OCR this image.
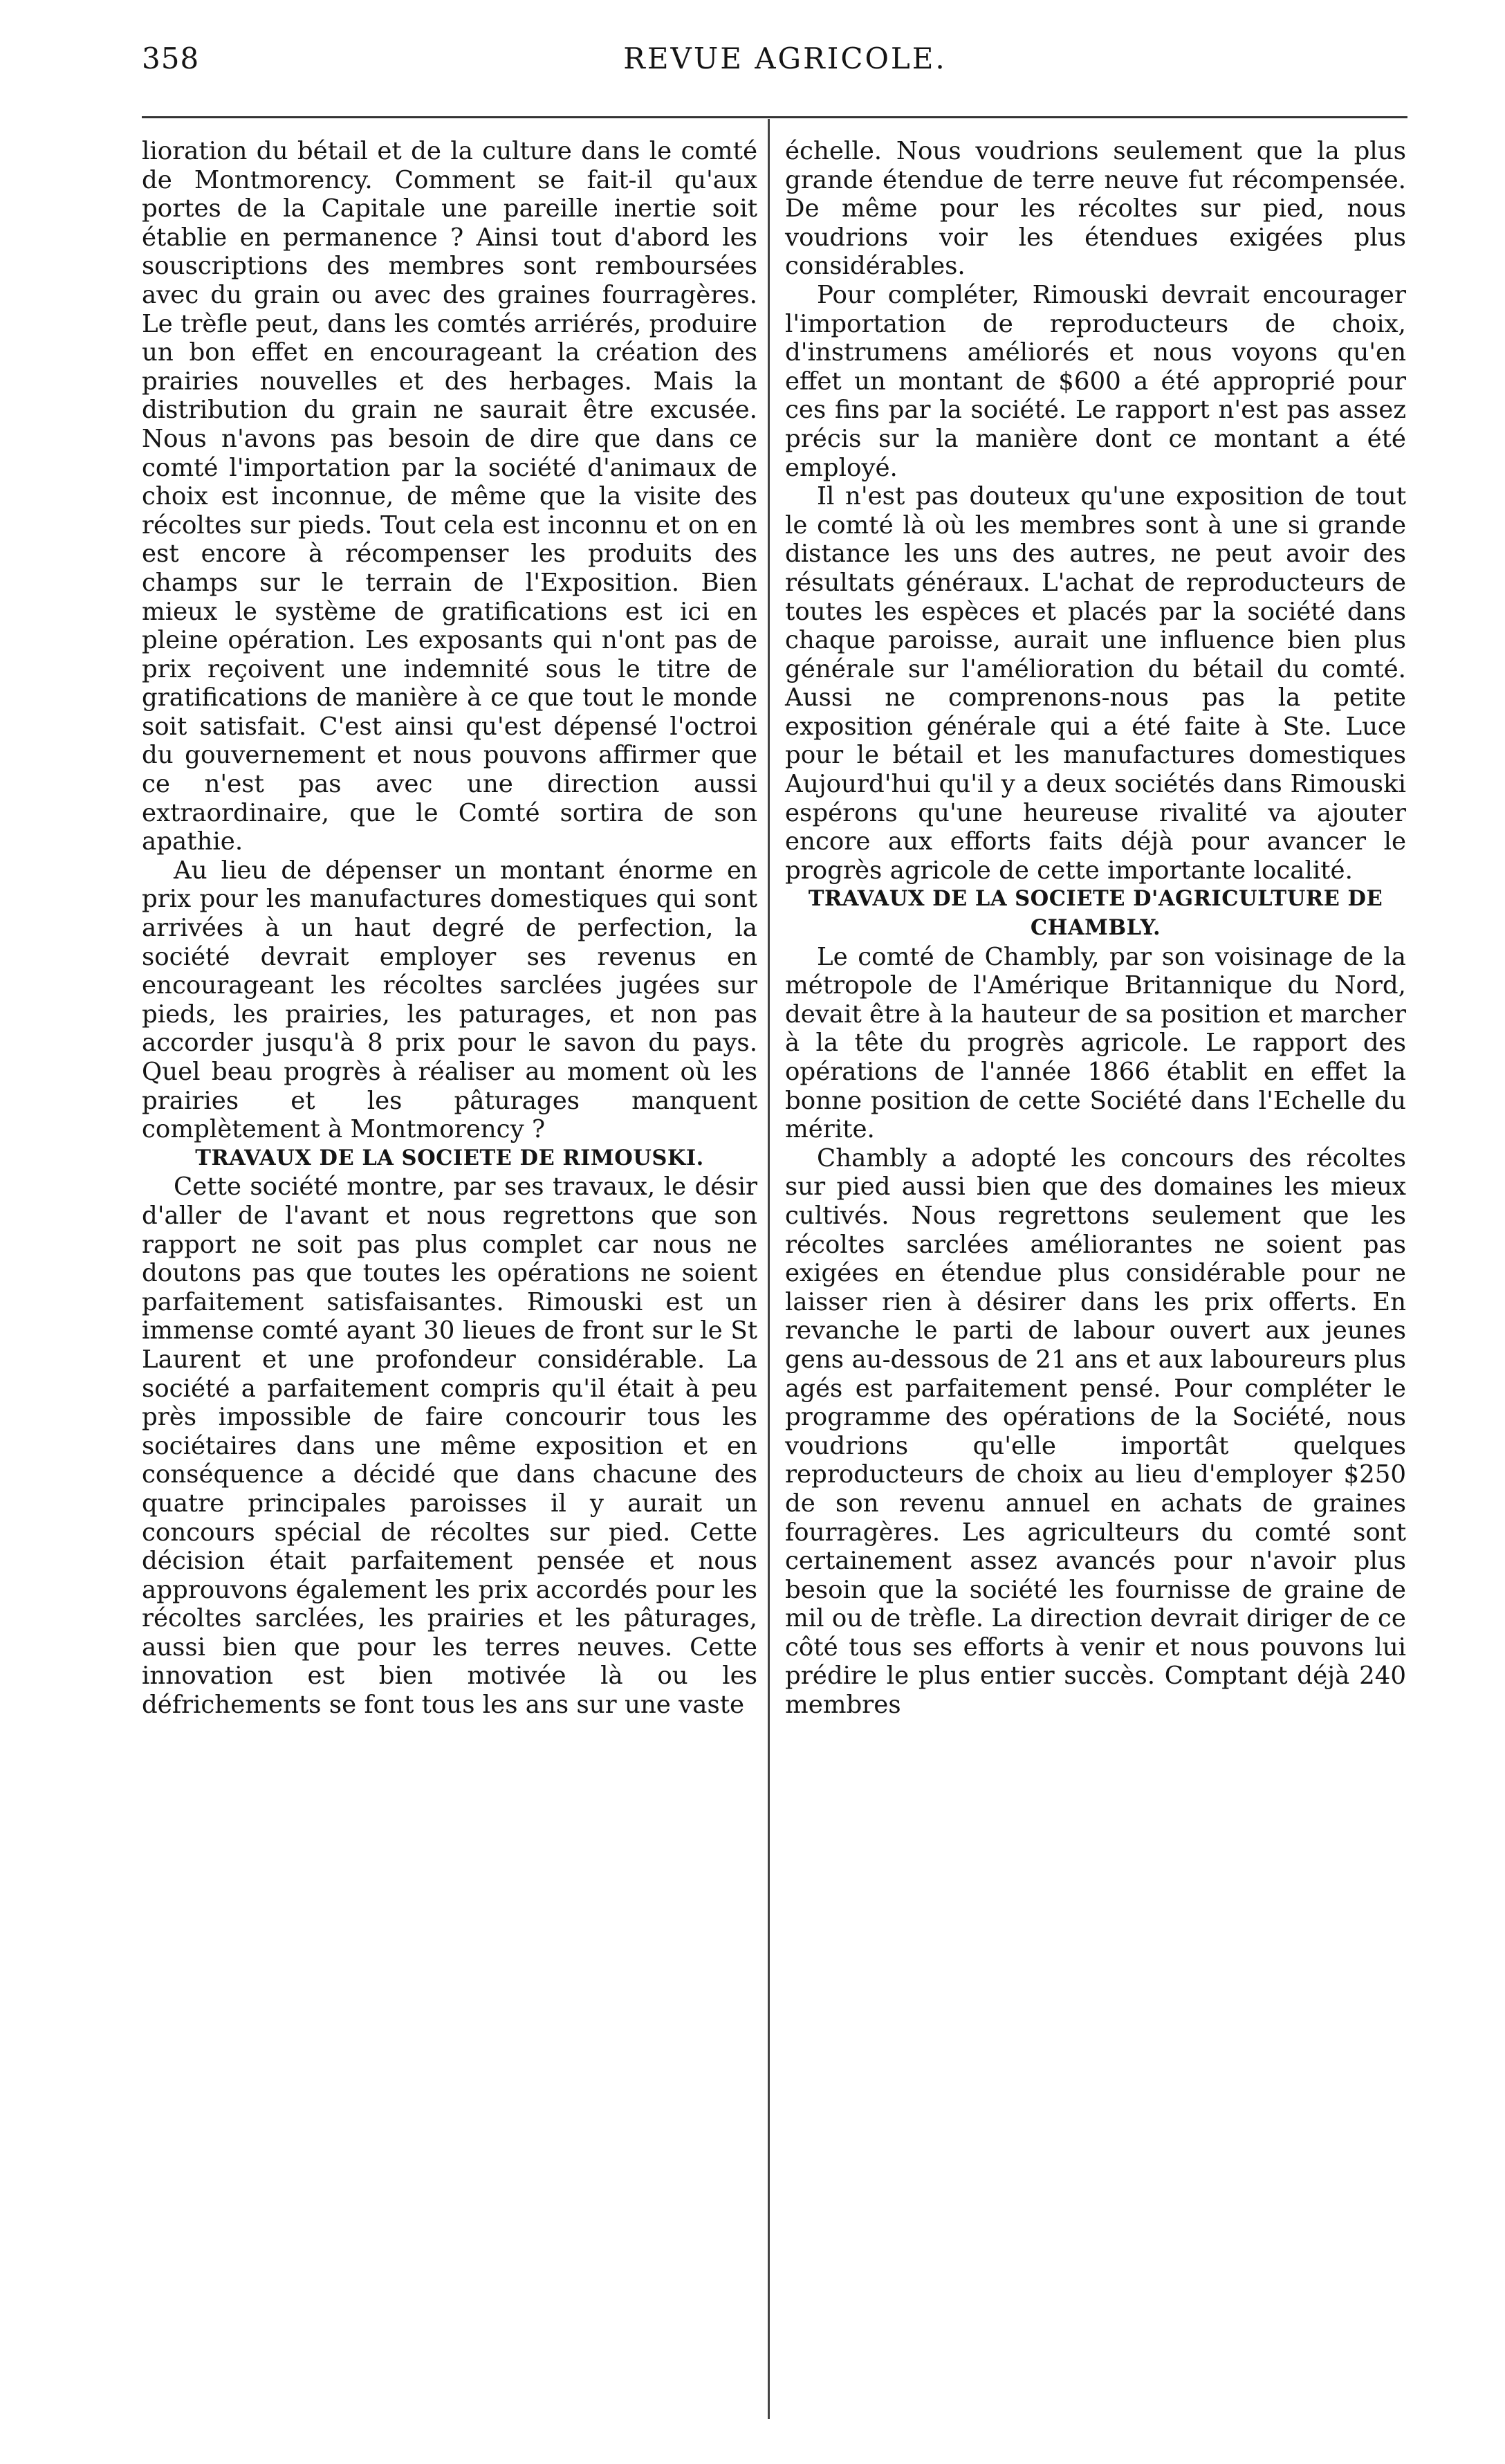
358	REVUE AGRICOLE.

lioration du bétail et de la culture dans le comté de Montmorency. Comment se fait-il qu'aux portes de la Capitale une pareille inertie soit établie en permanence ? Ainsi tout d'abord les souscriptions des membres sont remboursées avec du grain ou avec des graines fourragères. Le trèfle peut, dans les comtés arriérés, produire un bon effet en encourageant la création des prairies nouvelles et des herbages. Mais la distribution du grain ne saurait être excusée. Nous n'avons pas besoin de dire que dans ce comté l'importation par la société d'animaux de choix est inconnue, de même que la visite des récoltes sur pieds. Tout cela est inconnu et on en est encore à récompenser les produits des champs sur le terrain de l'Exposition. Bien mieux le système de gratifications est ici en pleine opération. Les exposants qui n'ont pas de prix reçoivent une indemnité sous le titre de gratifications de manière à ce que tout le monde soit satisfait. C'est ainsi qu'est dépensé l'octroi du gouvernement et nous pouvons affirmer que ce n'est pas avec une direction aussi extraordinaire, que le Comté sortira de son apathie.

Au lieu de dépenser un montant énorme en prix pour les manufactures domestiques qui sont arrivées à un haut degré de perfection, la société devrait employer ses revenus en encourageant les récoltes sarclées jugées sur pieds, les prairies, les paturages, et non pas accorder jusqu'à 8 prix pour le savon du pays. Quel beau progrès à réaliser au moment où les prairies et les pâturages manquent complètement à Montmorency ?

TRAVAUX DE LA SOCIETE DE RIMOUSKI.

Cette société montre, par ses travaux, le désir d'aller de l'avant et nous regrettons que son rapport ne soit pas plus complet car nous ne doutons pas que toutes les opérations ne soient parfaitement satisfaisantes. Rimouski est un immense comté ayant 30 lieues de front sur le St Laurent et une profondeur considérable. La société a parfaitement compris qu'il était à peu près impossible de faire concourir tous les sociétaires dans une même exposition et en conséquence a décidé que dans chacune des quatre principales paroisses il y aurait un concours spécial de récoltes sur pied. Cette décision était parfaitement pensée et nous approuvons également les prix accordés pour les récoltes sarclées, les prairies et les pâturages, aussi bien que pour les terres neuves. Cette innovation est bien motivée là ou les défrichements se font tous les ans sur une vaste

échelle. Nous voudrions seulement que la plus grande étendue de terre neuve fut récompensée. De même pour les récoltes sur pied, nous voudrions voir les étendues exigées plus considérables.

Pour compléter, Rimouski devrait encourager l'importation de reproducteurs de choix, d'instrumens améliorés et nous voyons qu'en effet un montant de $600 a été approprié pour ces fins par la société. Le rapport n'est pas assez précis sur la manière dont ce montant a été employé.

Il n'est pas douteux qu'une exposition de tout le comté là où les membres sont à une si grande distance les uns des autres, ne peut avoir des résultats généraux. L'achat de reproducteurs de toutes les espèces et placés par la société dans chaque paroisse, aurait une influence bien plus générale sur l'amélioration du bétail du comté. Aussi ne comprenons-nous pas la petite exposition générale qui a été faite à Ste. Luce pour le bétail et les manufactures domestiques Aujourd'hui qu'il y a deux sociétés dans Rimouski espérons qu'une heureuse rivalité va ajouter encore aux efforts faits déjà pour avancer le progrès agricole de cette importante localité.

TRAVAUX DE LA SOCIETE D'AGRICULTURE DE CHAMBLY.

Le comté de Chambly, par son voisinage de la métropole de l'Amérique Britannique du Nord, devait être à la hauteur de sa position et marcher à la tête du progrès agricole. Le rapport des opérations de l'année 1866 établit en effet la bonne position de cette Société dans l'Echelle du mérite.

Chambly a adopté les concours des récoltes sur pied aussi bien que des domaines les mieux cultivés. Nous regrettons seulement que les récoltes sarclées améliorantes ne soient pas exigées en étendue plus considérable pour ne laisser rien à désirer dans les prix offerts. En revanche le parti de labour ouvert aux jeunes gens au-dessous de 21 ans et aux laboureurs plus agés est parfaitement pensé. Pour compléter le programme des opérations de la Société, nous voudrions qu'elle importât quelques reproducteurs de choix au lieu d'employer $250 de son revenu annuel en achats de graines fourragères. Les agriculteurs du comté sont certainement assez avancés pour n'avoir plus besoin que la société les fournisse de graine de mil ou de trèfle. La direction devrait diriger de ce côté tous ses efforts à venir et nous pouvons lui prédire le plus entier succès. Comptant déjà 240 membres
